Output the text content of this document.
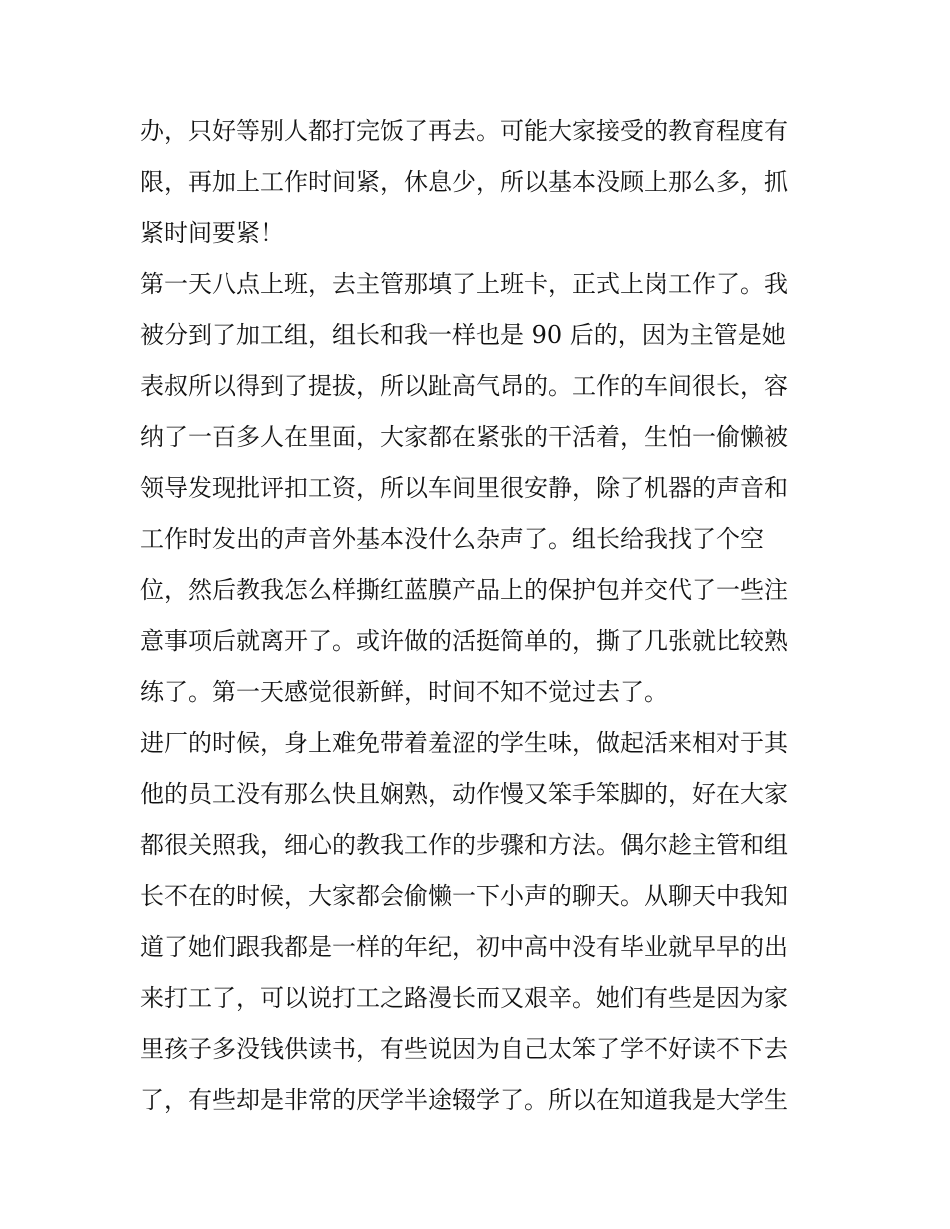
办，只好等别人都打完饭了再去。可能大家接受的教育程度有
限，再加上工作时间紧，休息少，所以基本没顾上那么多，抓
紧时间要紧！
第一天八点上班，去主管那填了上班卡，正式上岗工作了。我
被分到了加工组，组长和我一样也是 90 后的，因为主管是她
表叔所以得到了提拔，所以趾高气昂的。工作的车间很长，容
纳了一百多人在里面，大家都在紧张的干活着，生怕一偷懒被
领导发现批评扣工资，所以车间里很安静，除了机器的声音和
工作时发出的声音外基本没什么杂声了。组长给我找了个空
位，然后教我怎么样撕红蓝膜产品上的保护包并交代了一些注
意事项后就离开了。或许做的活挺简单的，撕了几张就比较熟
练了。第一天感觉很新鲜，时间不知不觉过去了。
进厂的时候，身上难免带着羞涩的学生味，做起活来相对于其
他的员工没有那么快且娴熟，动作慢又笨手笨脚的，好在大家
都很关照我，细心的教我工作的步骤和方法。偶尔趁主管和组
长不在的时候，大家都会偷懒一下小声的聊天。从聊天中我知
道了她们跟我都是一样的年纪，初中高中没有毕业就早早的出
来打工了，可以说打工之路漫长而又艰辛。她们有些是因为家
里孩子多没钱供读书，有些说因为自己太笨了学不好读不下去
了，有些却是非常的厌学半途辍学了。所以在知道我是大学生
